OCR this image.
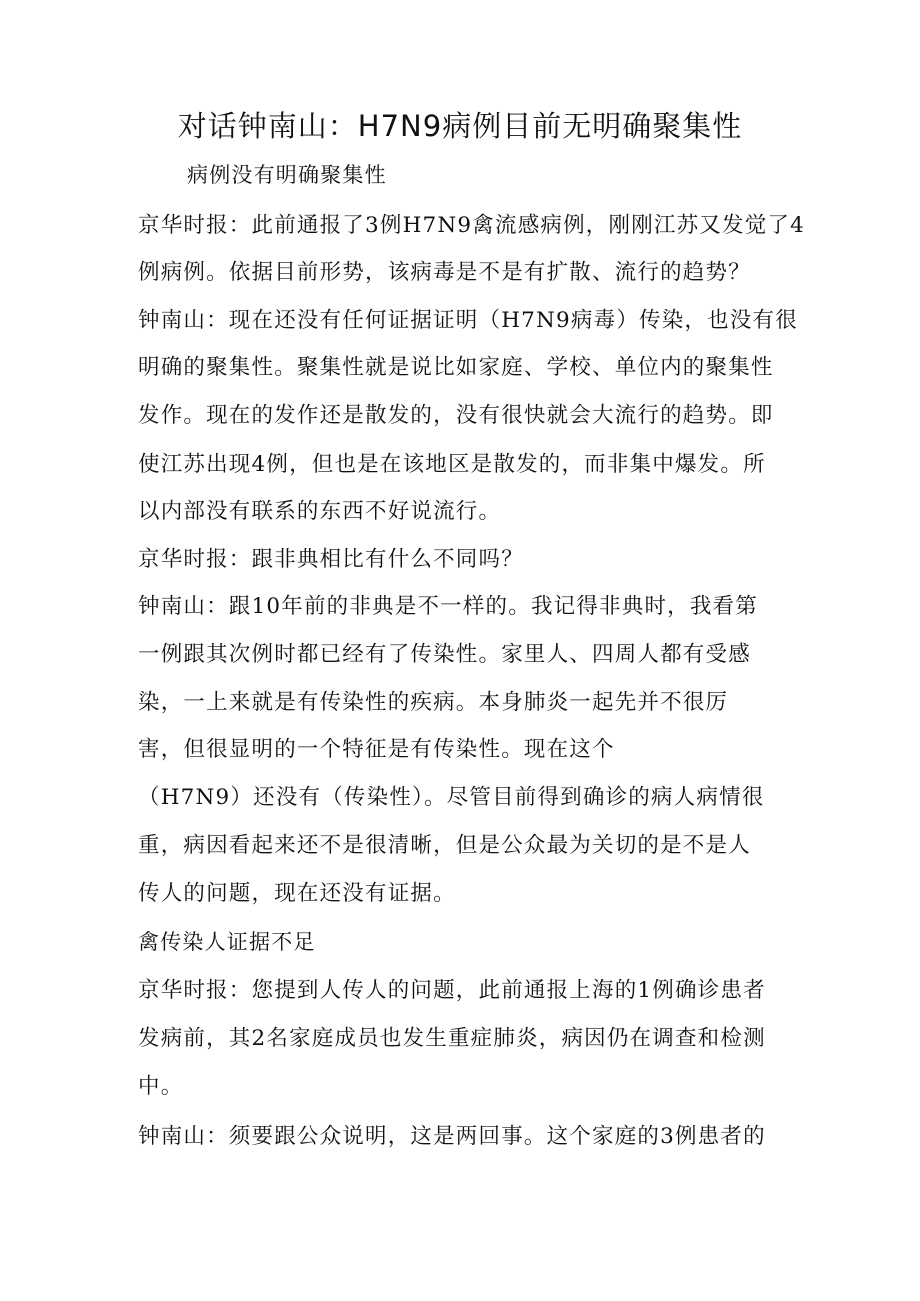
对话钟南山：H7N9病例目前无明确聚集性
病例没有明确聚集性
京华时报：此前通报了3例H7N9禽流感病例，刚刚江苏又发觉了4
例病例。依据目前形势，该病毒是不是有扩散、流行的趋势？
钟南山：现在还没有任何证据证明（H7N9病毒）传染，也没有很
明确的聚集性。聚集性就是说比如家庭、学校、单位内的聚集性
发作。现在的发作还是散发的，没有很快就会大流行的趋势。即
使江苏出现4例，但也是在该地区是散发的，而非集中爆发。所
以内部没有联系的东西不好说流行。
京华时报：跟非典相比有什么不同吗？
钟南山：跟10年前的非典是不一样的。我记得非典时，我看第
一例跟其次例时都已经有了传染性。家里人、四周人都有受感
染，一上来就是有传染性的疾病。本身肺炎一起先并不很厉
害，但很显明的一个特征是有传染性。现在这个
（H7N9）还没有（传染性）。尽管目前得到确诊的病人病情很
重，病因看起来还不是很清晰，但是公众最为关切的是不是人
传人的问题，现在还没有证据。
禽传染人证据不足
京华时报：您提到人传人的问题，此前通报上海的1例确诊患者
发病前，其2名家庭成员也发生重症肺炎，病因仍在调查和检测
中。
钟南山：须要跟公众说明，这是两回事。这个家庭的3例患者的
